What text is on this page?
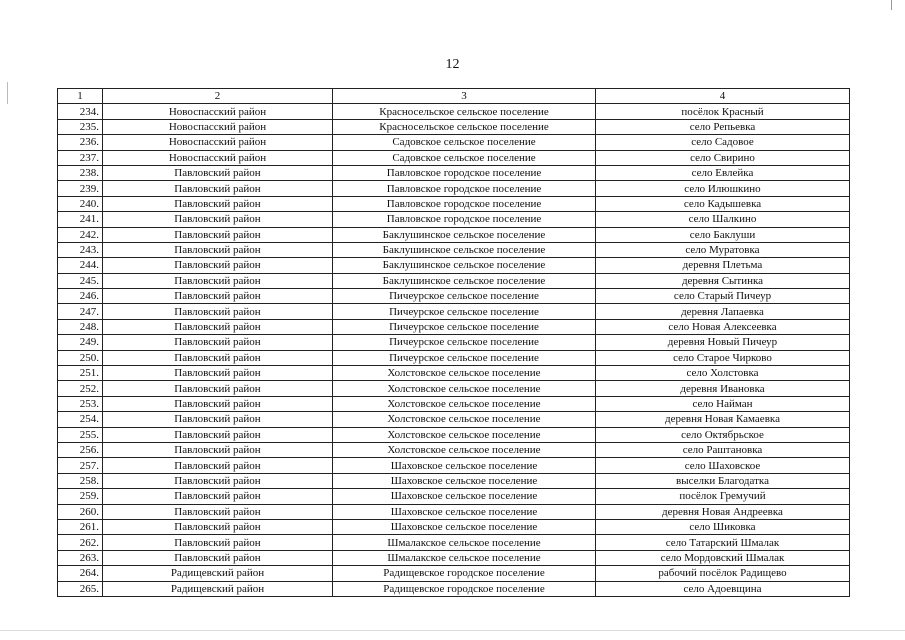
12
1	2	3	4
234.	Новоспасский район	Красносельское сельское поселение	посёлок Красный
235.	Новоспасский район	Красносельское сельское поселение	село Репьевка
236.	Новоспасский район	Садовское сельское поселение	село Садовое
237.	Новоспасский район	Садовское сельское поселение	село Свирино
238.	Павловский район	Павловское городское поселение	село Евлейка
239.	Павловский район	Павловское городское поселение	село Илюшкино
240.	Павловский район	Павловское городское поселение	село Кадышевка
241.	Павловский район	Павловское городское поселение	село Шалкино
242.	Павловский район	Баклушинское сельское поселение	село Баклуши
243.	Павловский район	Баклушинское сельское поселение	село Муратовка
244.	Павловский район	Баклушинское сельское поселение	деревня Плетьма
245.	Павловский район	Баклушинское сельское поселение	деревня Сытинка
246.	Павловский район	Пичеурское сельское поселение	село Старый Пичеур
247.	Павловский район	Пичеурское сельское поселение	деревня Лапаевка
248.	Павловский район	Пичеурское сельское поселение	село Новая Алексеевка
249.	Павловский район	Пичеурское сельское поселение	деревня Новый Пичеур
250.	Павловский район	Пичеурское сельское поселение	село Старое Чирково
251.	Павловский район	Холстовское сельское поселение	село Холстовка
252.	Павловский район	Холстовское сельское поселение	деревня Ивановка
253.	Павловский район	Холстовское сельское поселение	село Найман
254.	Павловский район	Холстовское сельское поселение	деревня Новая Камаевка
255.	Павловский район	Холстовское сельское поселение	село Октябрьское
256.	Павловский район	Холстовское сельское поселение	село Раштановка
257.	Павловский район	Шаховское сельское поселение	село Шаховское
258.	Павловский район	Шаховское сельское поселение	выселки Благодатка
259.	Павловский район	Шаховское сельское поселение	посёлок Гремучий
260.	Павловский район	Шаховское сельское поселение	деревня Новая Андреевка
261.	Павловский район	Шаховское сельское поселение	село Шиковка
262.	Павловский район	Шмалакское сельское поселение	село Татарский Шмалак
263.	Павловский район	Шмалакское сельское поселение	село Мордовский Шмалак
264.	Радищевский район	Радищевское городское поселение	рабочий посёлок Радищево
265.	Радищевский район	Радищевское городское поселение	село Адоевщина
